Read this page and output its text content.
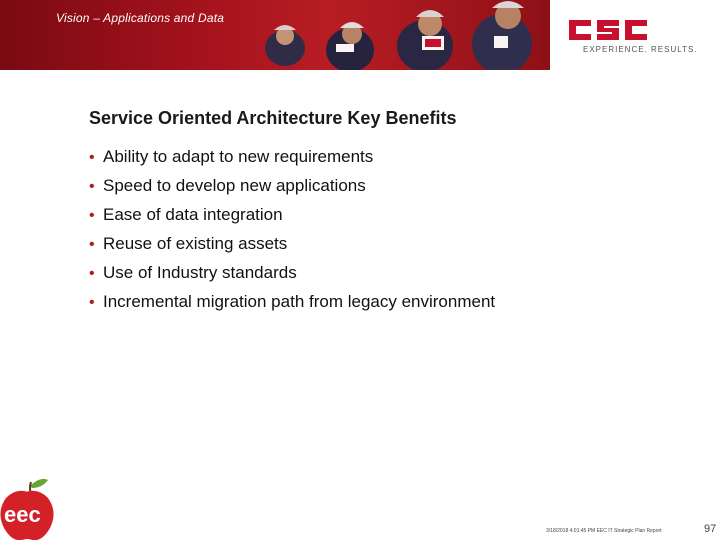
Vision – Applications and Data
EXPERIENCE. RESULTS.
Service Oriented Architecture Key Benefits
• Ability to adapt to new requirements
• Speed to develop new applications
• Ease of data integration
• Reuse of existing assets
• Use of Industry standards
• Incremental migration path from legacy environment
eec
3/18/2018 4:01:45 PM EEC IT Strategic Plan Report	97
